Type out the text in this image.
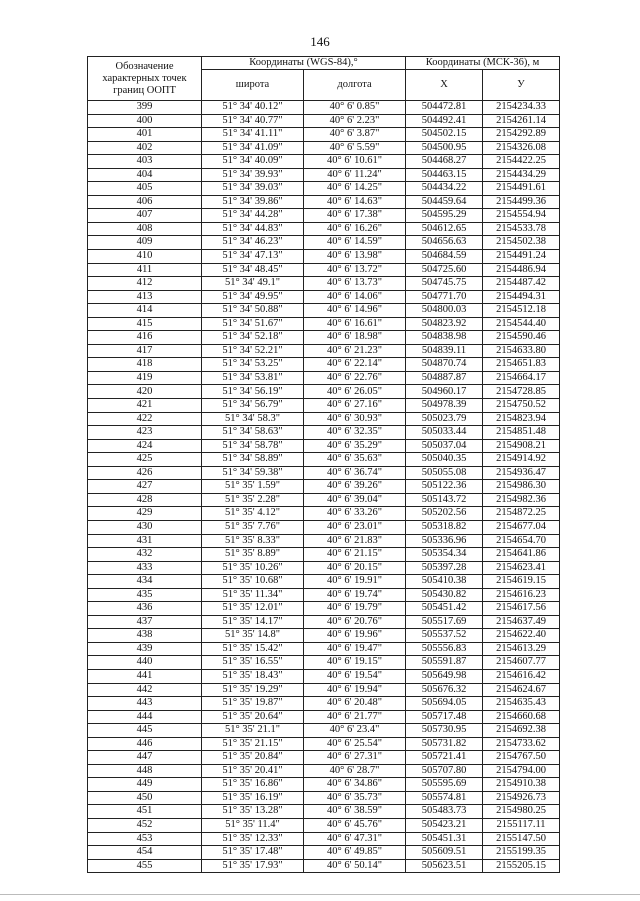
146
Обозначение характерных точек границ ООПТ	Координаты (WGS-84),°		Координаты (МСК-36), м	
	широта	долгота	X	У
399	51° 34' 40.12"	40° 6' 0.85"	504472.81	2154234.33
400	51° 34' 40.77"	40° 6' 2.23"	504492.41	2154261.14
401	51° 34' 41.11"	40° 6' 3.87"	504502.15	2154292.89
402	51° 34' 41.09"	40° 6' 5.59"	504500.95	2154326.08
403	51° 34' 40.09"	40° 6' 10.61"	504468.27	2154422.25
404	51° 34' 39.93"	40° 6' 11.24"	504463.15	2154434.29
405	51° 34' 39.03"	40° 6' 14.25"	504434.22	2154491.61
406	51° 34' 39.86"	40° 6' 14.63"	504459.64	2154499.36
407	51° 34' 44.28"	40° 6' 17.38"	504595.29	2154554.94
408	51° 34' 44.83"	40° 6' 16.26"	504612.65	2154533.78
409	51° 34' 46.23"	40° 6' 14.59"	504656.63	2154502.38
410	51° 34' 47.13"	40° 6' 13.98"	504684.59	2154491.24
411	51° 34' 48.45"	40° 6' 13.72"	504725.60	2154486.94
412	51° 34' 49.1"	40° 6' 13.73"	504745.75	2154487.42
413	51° 34' 49.95"	40° 6' 14.06"	504771.70	2154494.31
414	51° 34' 50.88"	40° 6' 14.96"	504800.03	2154512.18
415	51° 34' 51.67"	40° 6' 16.61"	504823.92	2154544.40
416	51° 34' 52.18"	40° 6' 18.98"	504838.98	2154590.46
417	51° 34' 52.21"	40° 6' 21.23"	504839.11	2154633.80
418	51° 34' 53.25"	40° 6' 22.14"	504870.74	2154651.83
419	51° 34' 53.81"	40° 6' 22.76"	504887.87	2154664.17
420	51° 34' 56.19"	40° 6' 26.05"	504960.17	2154728.85
421	51° 34' 56.79"	40° 6' 27.16"	504978.39	2154750.52
422	51° 34' 58.3"	40° 6' 30.93"	505023.79	2154823.94
423	51° 34' 58.63"	40° 6' 32.35"	505033.44	2154851.48
424	51° 34' 58.78"	40° 6' 35.29"	505037.04	2154908.21
425	51° 34' 58.89"	40° 6' 35.63"	505040.35	2154914.92
426	51° 34' 59.38"	40° 6' 36.74"	505055.08	2154936.47
427	51° 35' 1.59"	40° 6' 39.26"	505122.36	2154986.30
428	51° 35' 2.28"	40° 6' 39.04"	505143.72	2154982.36
429	51° 35' 4.12"	40° 6' 33.26"	505202.56	2154872.25
430	51° 35' 7.76"	40° 6' 23.01"	505318.82	2154677.04
431	51° 35' 8.33"	40° 6' 21.83"	505336.96	2154654.70
432	51° 35' 8.89"	40° 6' 21.15"	505354.34	2154641.86
433	51° 35' 10.26"	40° 6' 20.15"	505397.28	2154623.41
434	51° 35' 10.68"	40° 6' 19.91"	505410.38	2154619.15
435	51° 35' 11.34"	40° 6' 19.74"	505430.82	2154616.23
436	51° 35' 12.01"	40° 6' 19.79"	505451.42	2154617.56
437	51° 35' 14.17"	40° 6' 20.76"	505517.69	2154637.49
438	51° 35' 14.8"	40° 6' 19.96"	505537.52	2154622.40
439	51° 35' 15.42"	40° 6' 19.47"	505556.83	2154613.29
440	51° 35' 16.55"	40° 6' 19.15"	505591.87	2154607.77
441	51° 35' 18.43"	40° 6' 19.54"	505649.98	2154616.42
442	51° 35' 19.29"	40° 6' 19.94"	505676.32	2154624.67
443	51° 35' 19.87"	40° 6' 20.48"	505694.05	2154635.43
444	51° 35' 20.64"	40° 6' 21.77"	505717.48	2154660.68
445	51° 35' 21.1"	40° 6' 23.4"	505730.95	2154692.38
446	51° 35' 21.15"	40° 6' 25.54"	505731.82	2154733.62
447	51° 35' 20.84"	40° 6' 27.31"	505721.41	2154767.50
448	51° 35' 20.41"	40° 6' 28.7"	505707.80	2154794.00
449	51° 35' 16.86"	40° 6' 34.86"	505595.69	2154910.38
450	51° 35' 16.19"	40° 6' 35.73"	505574.81	2154926.73
451	51° 35' 13.28"	40° 6' 38.59"	505483.73	2154980.25
452	51° 35' 11.4"	40° 6' 45.76"	505423.21	2155117.11
453	51° 35' 12.33"	40° 6' 47.31"	505451.31	2155147.50
454	51° 35' 17.48"	40° 6' 49.85"	505609.51	2155199.35
455	51° 35' 17.93"	40° 6' 50.14"	505623.51	2155205.15
